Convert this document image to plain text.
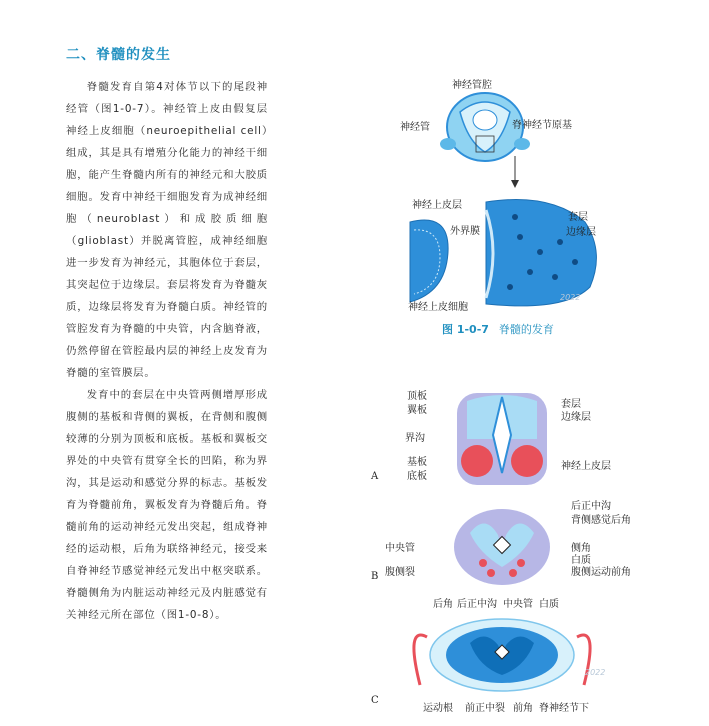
二、脊髓的发生

脊髓发育自第4对体节以下的尾段神经管（图1-0-7）。神经管上皮由假复层神经上皮细胞（neuroepithelial cell）组成，其是具有增殖分化能力的神经干细胞，能产生脊髓内所有的神经元和大胶质细胞。发育中神经干细胞发育为成神经细胞（neuroblast）和成胶质细胞（glioblast）并脱离管腔，成神经细胞进一步发育为神经元，其胞体位于套层，其突起位于边缘层。套层将发育为脊髓灰质，边缘层将发育为脊髓白质。神经管的管腔发育为脊髓的中央管，内含脑脊液，仍然停留在管腔最内层的神经上皮发育为脊髓的室管膜层。

发育中的套层在中央管两侧增厚形成腹侧的基板和背侧的翼板，在背侧和腹侧较薄的分别为顶板和底板。基板和翼板交界处的中央管有贯穿全长的凹陷，称为界沟，其是运动和感觉分界的标志。基板发育为脊髓前角，翼板发育为脊髓后角。脊髓前角的运动神经元发出突起，组成脊神经的运动根，后角为联络神经元，接受来自脊神经节感觉神经元发出中枢突联系。脊髓侧角为内脏运动神经元及内脏感觉有关神经元所在部位（图1-0-8）。

神经管腔
神经管	脊神经节原基
神经上皮层
套层
边缘层
外界膜
神经上皮细胞
2022
图 1-0-7 脊髓的发育
A
顶板
翼板
界沟
基板
底板
套层
边缘层
神经上皮层
B
后正中沟
背侧感觉后角
中央管	侧角
白质
腹侧裂	腹侧运动前角
C
后角 后正中沟 中央管 白质
运动根 前正中裂 前角 脊神经节下
2022
